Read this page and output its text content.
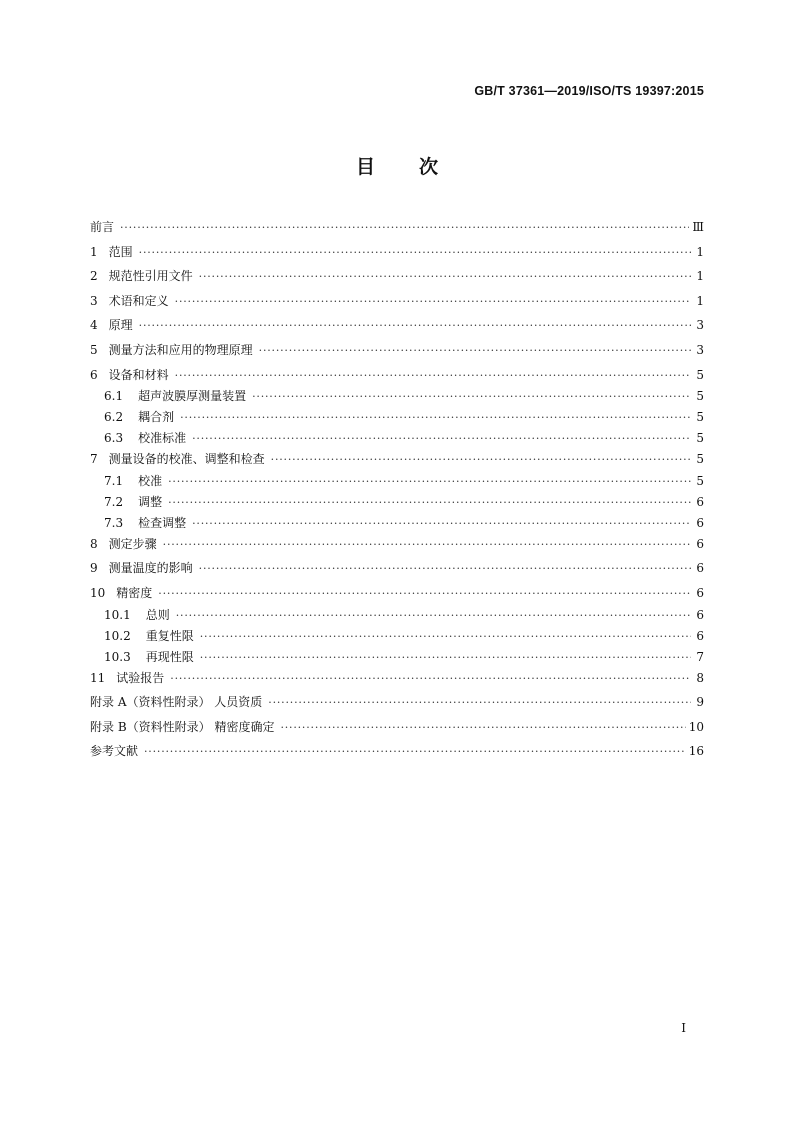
GB/T 37361—2019/ISO/TS 19397:2015
目次
前言 ·····	Ⅲ
1 范围 ·····	1
2 规范性引用文件 ·····	1
3 术语和定义 ·····	1
4 原理 ·····	3
5 测量方法和应用的物理原理 ·····	3
6 设备和材料 ·····	5
6.1 超声波膜厚测量装置 ·····	5
6.2 耦合剂 ·····	5
6.3 校准标准 ·····	5
7 测量设备的校准、调整和检查 ·····	5
7.1 校准 ·····	5
7.2 调整 ·····	6
7.3 检查调整 ·····	6
8 测定步骤 ·····	6
9 测量温度的影响 ·····	6
10 精密度 ·····	6
10.1 总则 ·····	6
10.2 重复性限 ·····	6
10.3 再现性限 ·····	7
11 试验报告 ·····	8
附录 A（资料性附录） 人员资质 ·····	9
附录 B（资料性附录） 精密度确定 ·····	10
参考文献 ·····	16
I
